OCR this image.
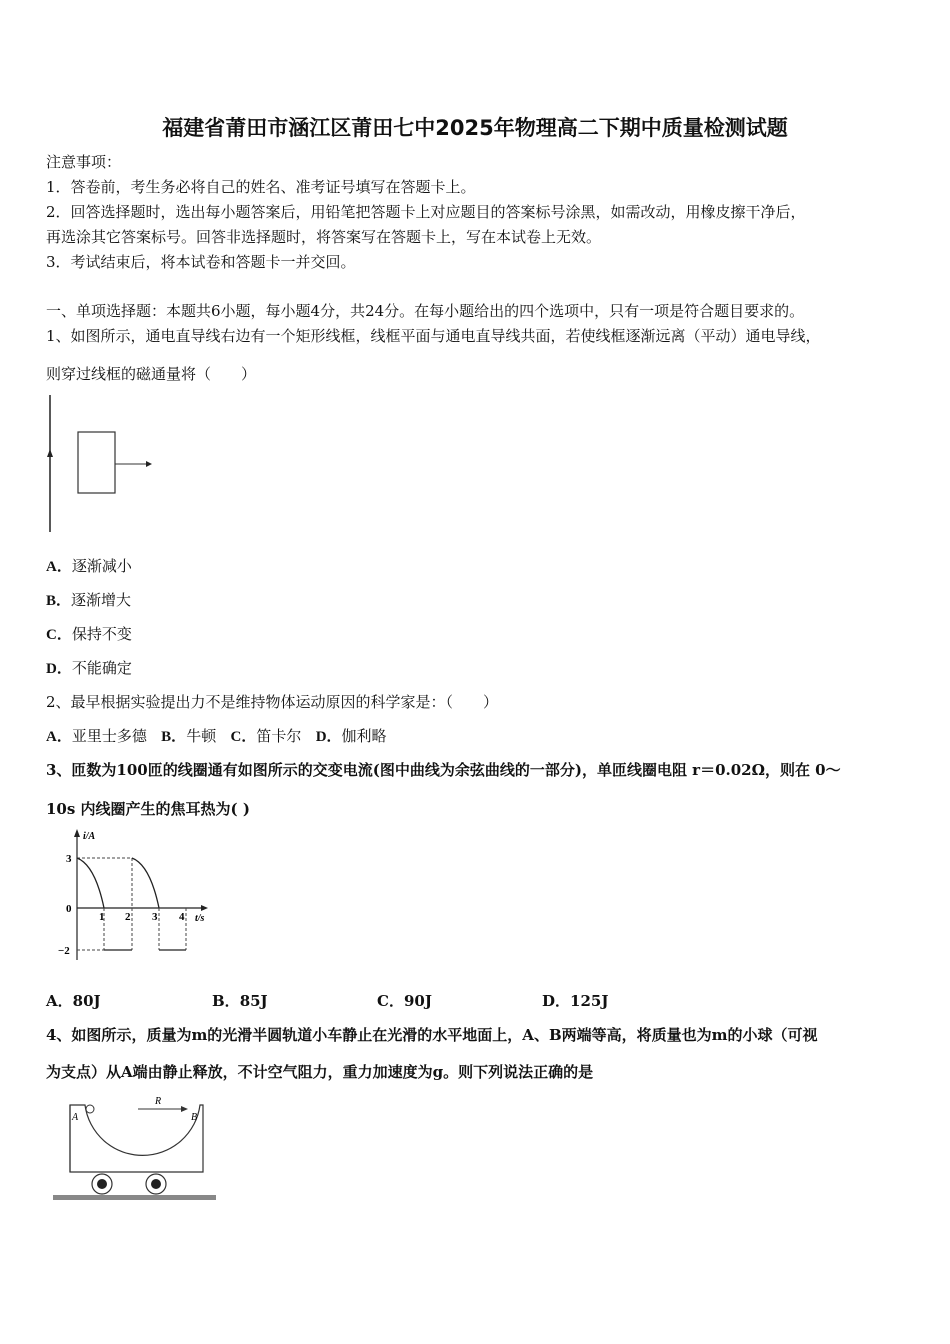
福建省莆田市涵江区莆田七中2025年物理高二下期中质量检测试题
注意事项：
1．答卷前，考生务必将自己的姓名、准考证号填写在答题卡上。
2．回答选择题时，选出每小题答案后，用铅笔把答题卡上对应题目的答案标号涂黑，如需改动，用橡皮擦干净后，
再选涂其它答案标号。回答非选择题时，将答案写在答题卡上，写在本试卷上无效。
3．考试结束后，将本试卷和答题卡一并交回。
一、单项选择题：本题共6小题，每小题4分，共24分。在每小题给出的四个选项中，只有一项是符合题目要求的。
1、如图所示，通电直导线右边有一个矩形线框，线框平面与通电直导线共面，若使线框逐渐远离（平动）通电导线，
则穿过线框的磁通量将（　　）
A．逐渐减小
B．逐渐增大
C．保持不变
D．不能确定
2、最早根据实验提出力不是维持物体运动原因的科学家是：（　　）
A．亚里士多德 B．牛顿 C．笛卡尔 D．伽利略
3、匝数为100匝的线圈通有如图所示的交变电流(图中曲线为余弦曲线的一部分)，单匝线圈电阻 r＝0.02Ω，则在 0～
10s 内线圈产生的焦耳热为( )
i/A
t/s
3
0
−2
1 2 3 4
A．80J	B．85J	C．90J	D．125J
4、如图所示，质量为m的光滑半圆轨道小车静止在光滑的水平地面上，A、B两端等高，将质量也为m的小球（可视
为支点）从A端由静止释放，不计空气阻力，重力加速度为g。则下列说法正确的是
A	B
R
